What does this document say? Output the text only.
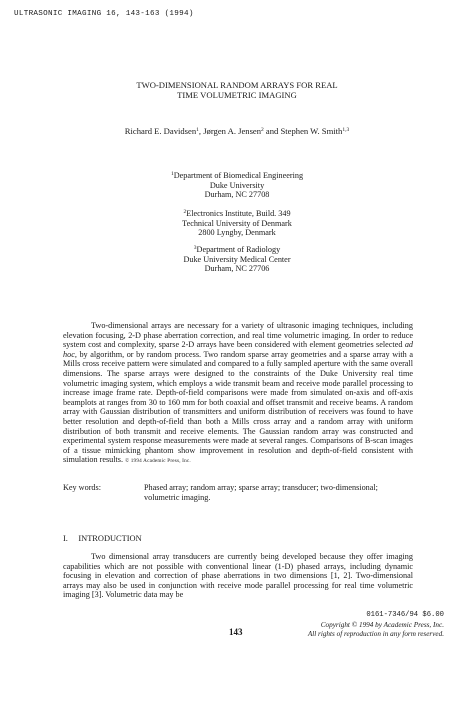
ULTRASONIC IMAGING 16, 143-163 (1994)
TWO-DIMENSIONAL RANDOM ARRAYS FOR REAL
TIME VOLUMETRIC IMAGING
Richard E. Davidsen$^1$, Jørgen A. Jensen$^2$ and Stephen W. Smith$^{1,3}$
$^1$Department of Biomedical Engineering
Duke University
Durham, NC 27708
$^2$Electronics Institute, Build. 349
Technical University of Denmark
2800 Lyngby, Denmark
$^3$Department of Radiology
Duke University Medical Center
Durham, NC 27706

Two-dimensional arrays are necessary for a variety of ultrasonic imaging techniques, including elevation focusing, 2-D phase aberration correction, and real time volumetric imaging. In order to reduce system cost and complexity, sparse 2-D arrays have been considered with element geometries selected ad hoc, by algorithm, or by random process. Two random sparse array geometries and a sparse array with a Mills cross receive pattern were simulated and compared to a fully sampled aperture with the same overall dimensions. The sparse arrays were designed to the constraints of the Duke University real time volumetric imaging system, which employs a wide transmit beam and receive mode parallel processing to increase image frame rate. Depth-of-field comparisons were made from simulated on-axis and off-axis beamplots at ranges from 30 to 160 mm for both coaxial and offset transmit and receive beams. A random array with Gaussian distribution of transmitters and uniform distribution of receivers was found to have better resolution and depth-of-field than both a Mills cross array and a random array with uniform distribution of both transmit and receive elements. The Gaussian random array was constructed and experimental system response measurements were made at several ranges. Comparisons of B-scan images of a tissue mimicking phantom show improvement in resolution and depth-of-field consistent with simulation results. © 1994 Academic Press, Inc.

Key words:	Phased array; random array; sparse array; transducer; two-dimensional; volumetric imaging.
I. INTRODUCTION

Two dimensional array transducers are currently being developed because they offer imaging capabilities which are not possible with conventional linear (1-D) phased arrays, including dynamic focusing in elevation and correction of phase aberrations in two dimensions [1, 2]. Two-dimensional arrays may also be used in conjunction with receive mode parallel processing for real time volumetric imaging [3]. Volumetric data may be

143
0161-7346/94 $6.00
Copyright © 1994 by Academic Press, Inc.
All rights of reproduction in any form reserved.
